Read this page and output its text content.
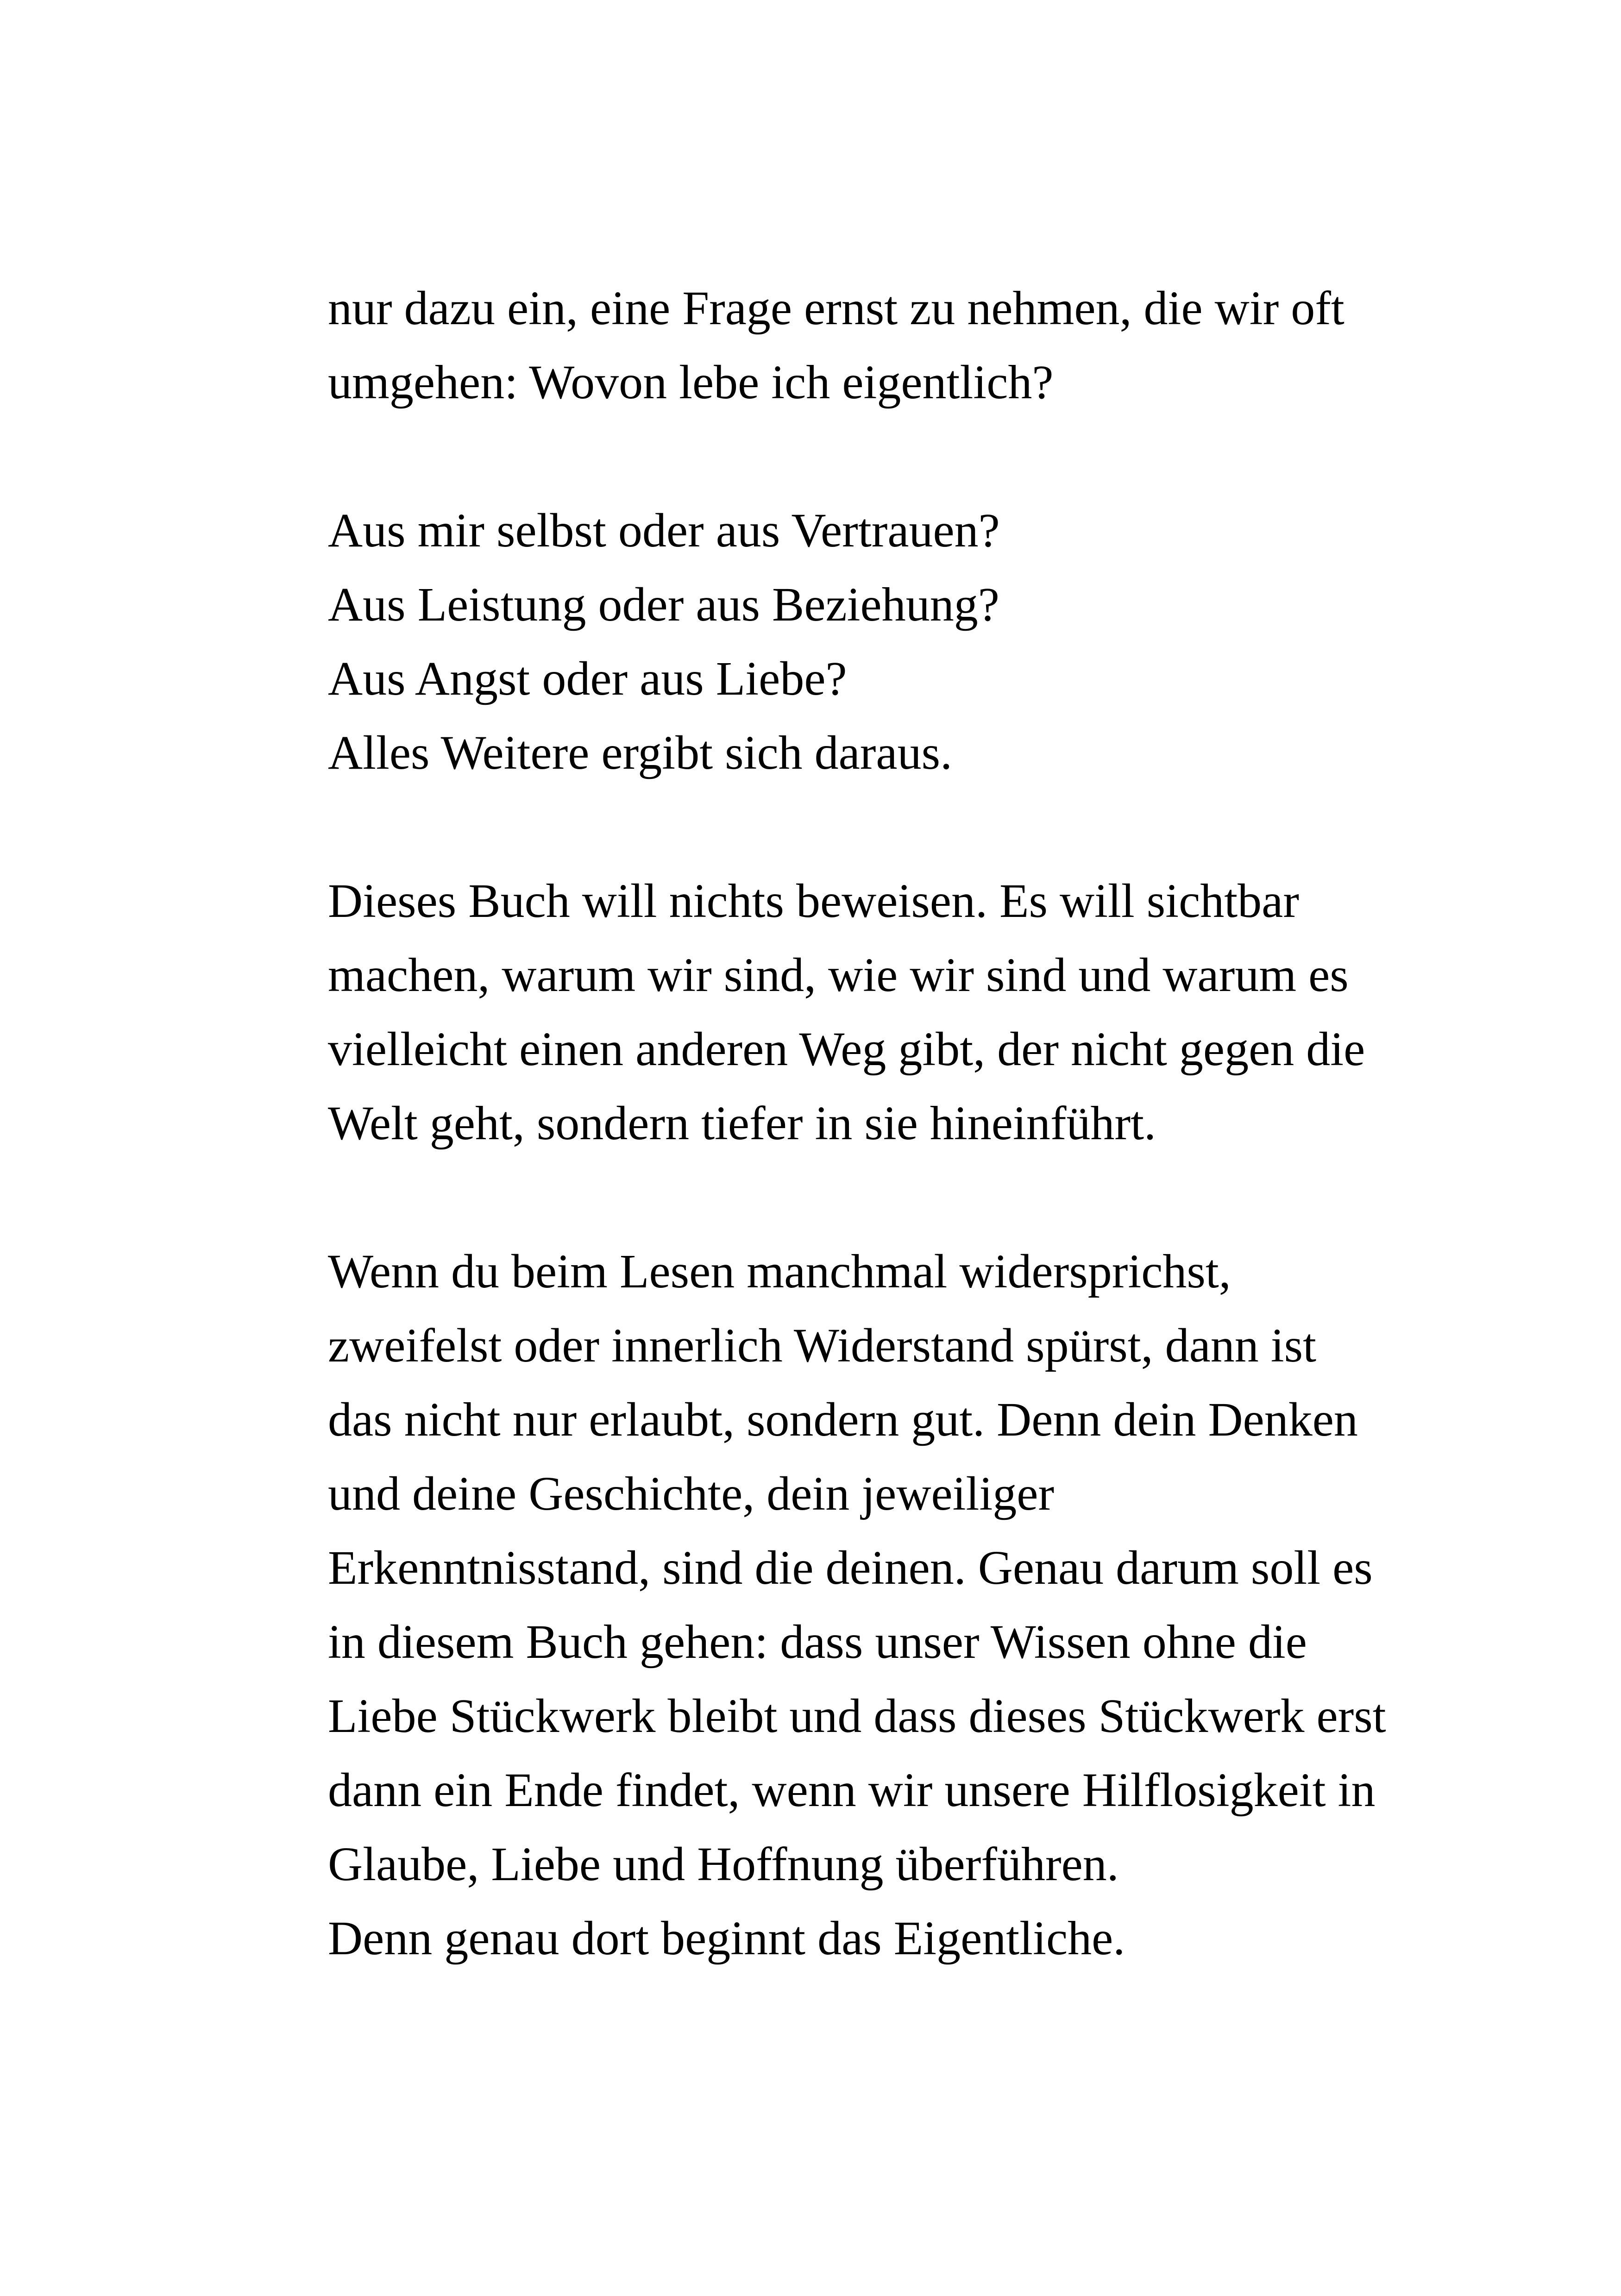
nur dazu ein, eine Frage ernst zu nehmen, die wir oft
umgehen: Wovon lebe ich eigentlich?
Aus mir selbst oder aus Vertrauen?
Aus Leistung oder aus Beziehung?
Aus Angst oder aus Liebe?
Alles Weitere ergibt sich daraus.
Dieses Buch will nichts beweisen. Es will sichtbar
machen, warum wir sind, wie wir sind und warum es
vielleicht einen anderen Weg gibt, der nicht gegen die
Welt geht, sondern tiefer in sie hineinführt.
Wenn du beim Lesen manchmal widersprichst,
zweifelst oder innerlich Widerstand spürst, dann ist
das nicht nur erlaubt, sondern gut. Denn dein Denken
und deine Geschichte, dein jeweiliger
Erkenntnisstand, sind die deinen. Genau darum soll es
in diesem Buch gehen: dass unser Wissen ohne die
Liebe Stückwerk bleibt und dass dieses Stückwerk erst
dann ein Ende findet, wenn wir unsere Hilflosigkeit in
Glaube, Liebe und Hoffnung überführen.
Denn genau dort beginnt das Eigentliche.
